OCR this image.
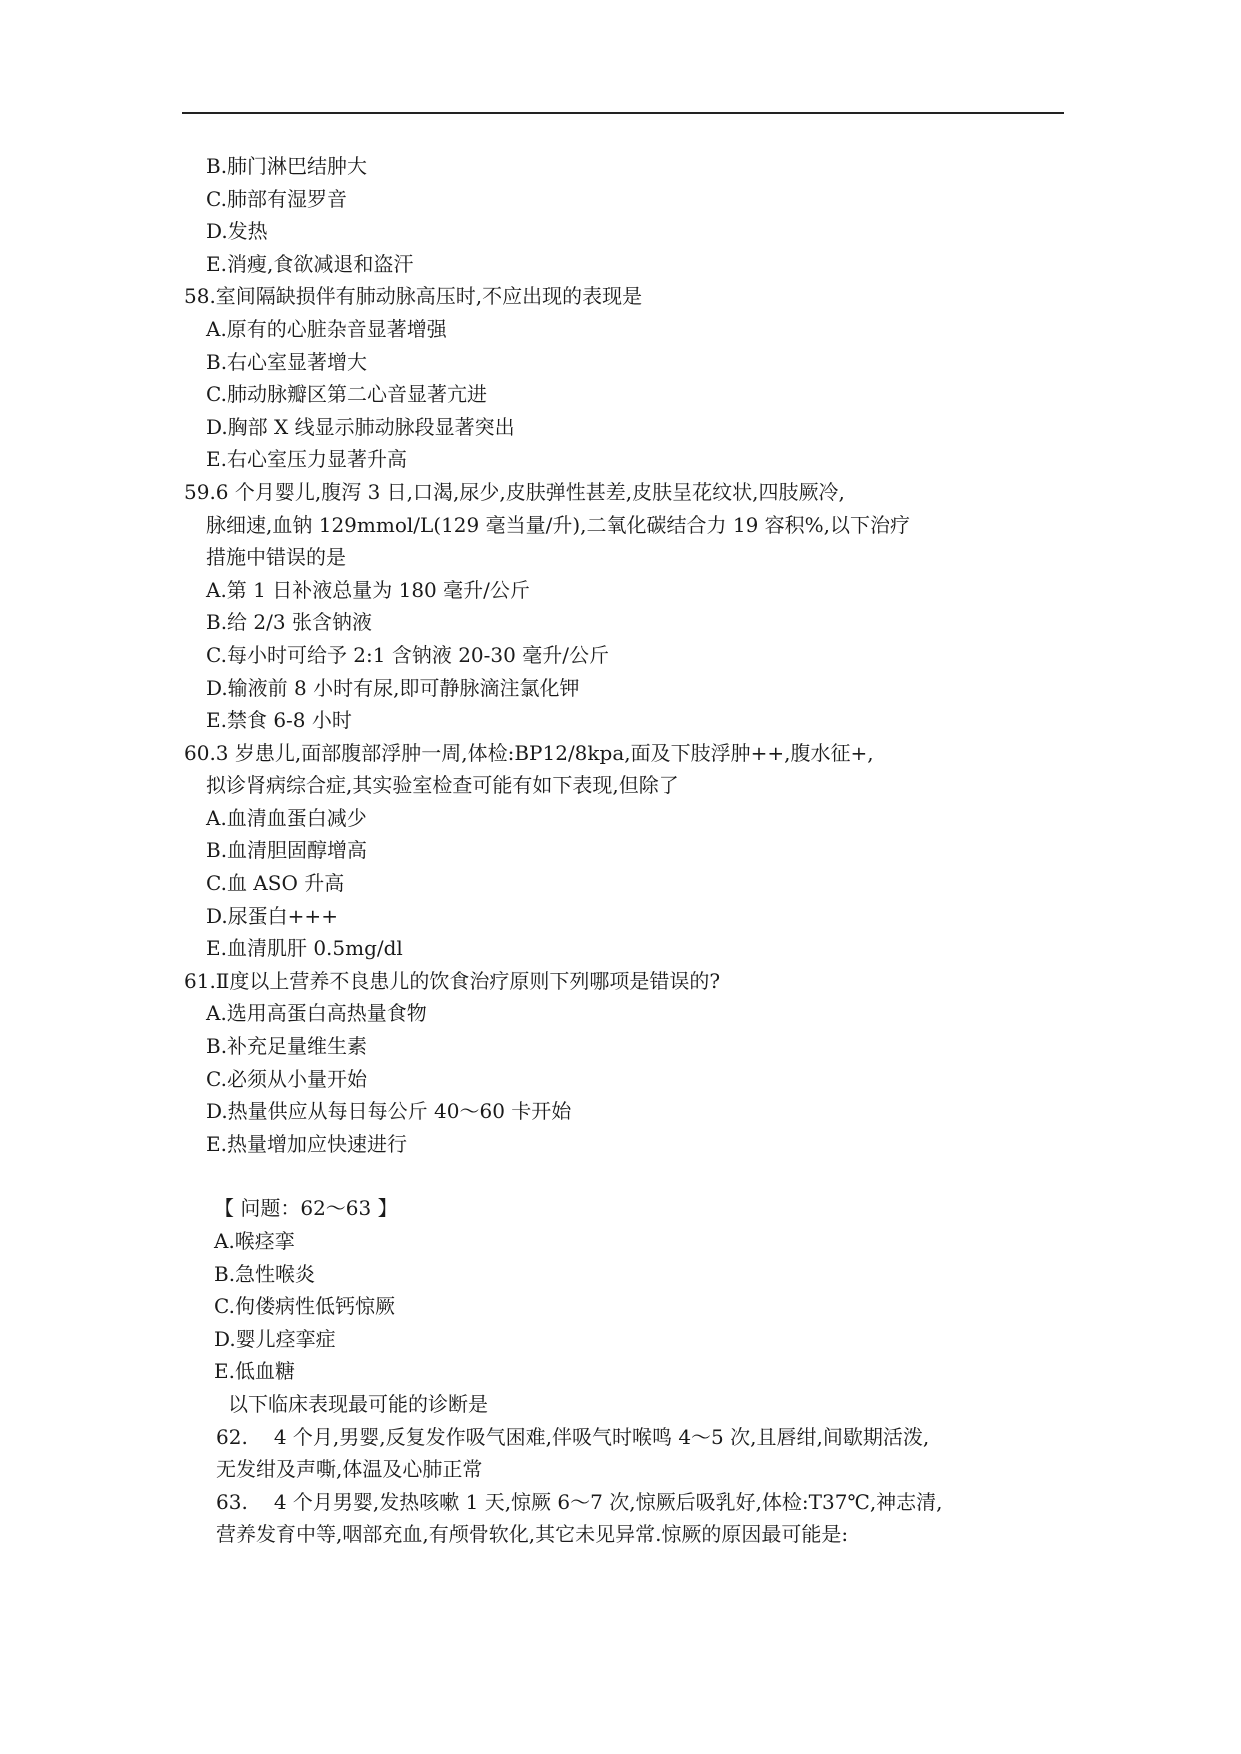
B.肺门淋巴结肿大
C.肺部有湿罗音
D.发热
E.消瘦,食欲减退和盗汗
58.室间隔缺损伴有肺动脉高压时,不应出现的表现是
A.原有的心脏杂音显著增强
B.右心室显著增大
C.肺动脉瓣区第二心音显著亢进
D.胸部 X 线显示肺动脉段显著突出
E.右心室压力显著升高
59.6 个月婴儿,腹泻 3 日,口渴,尿少,皮肤弹性甚差,皮肤呈花纹状,四肢厥冷,
脉细速,血钠 129mmol/L(129 毫当量/升),二氧化碳结合力 19 容积%,以下治疗
措施中错误的是
A.第 1 日补液总量为 180 毫升/公斤
B.给 2/3 张含钠液
C.每小时可给予 2:1 含钠液 20-30 毫升/公斤
D.输液前 8 小时有尿,即可静脉滴注氯化钾
E.禁食 6-8 小时
60.3 岁患儿,面部腹部浮肿一周,体检:BP12/8kpa,面及下肢浮肿++,腹水征+,
拟诊肾病综合症,其实验室检查可能有如下表现,但除了
A.血清血蛋白减少
B.血清胆固醇增高
C.血 ASO 升高
D.尿蛋白+++
E.血清肌肝 0.5mg/dl
61.Ⅱ度以上营养不良患儿的饮食治疗原则下列哪项是错误的?
A.选用高蛋白高热量食物
B.补充足量维生素
C.必须从小量开始
D.热量供应从每日每公斤 40～60 卡开始
E.热量增加应快速进行
【 问题：62～63 】
A.喉痉挛
B.急性喉炎
C.佝偻病性低钙惊厥
D.婴儿痉挛症
E.低血糖
以下临床表现最可能的诊断是
62. 4 个月,男婴,反复发作吸气困难,伴吸气时喉鸣 4～5 次,且唇绀,间歇期活泼,
无发绀及声嘶,体温及心肺正常
63. 4 个月男婴,发热咳嗽 1 天,惊厥 6～7 次,惊厥后吸乳好,体检:T37℃,神志清,
营养发育中等,咽部充血,有颅骨软化,其它未见异常.惊厥的原因最可能是:
